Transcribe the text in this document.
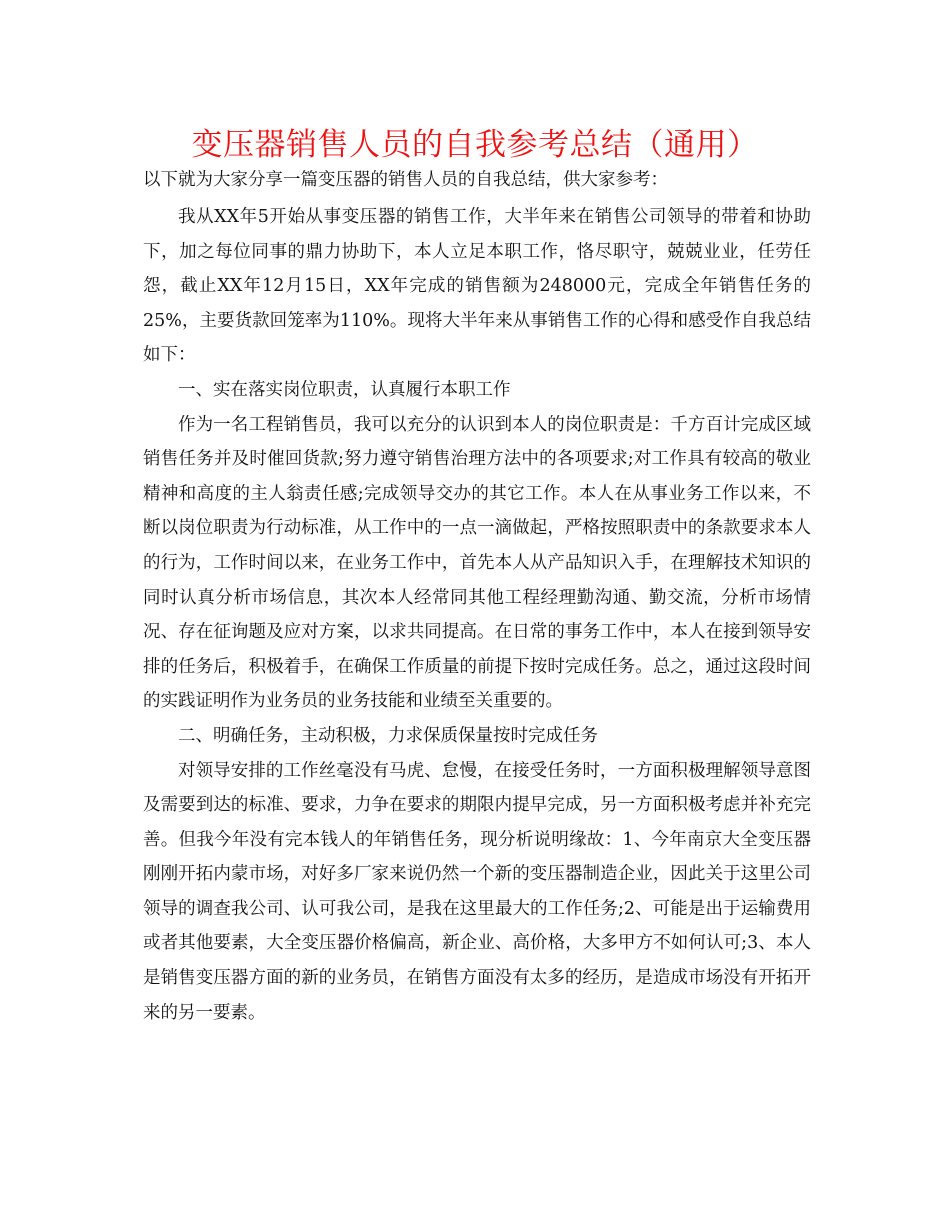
变压器销售人员的自我参考总结（通用）

以下就为大家分享一篇变压器的销售人员的自我总结，供大家参考：

我从XX年5开始从事变压器的销售工作，大半年来在销售公司领导的带着和协助下，加之每位同事的鼎力协助下，本人立足本职工作，恪尽职守，兢兢业业，任劳任怨，截止XX年12月15日，XX年完成的销售额为248000元，完成全年销售任务的25%，主要货款回笼率为110%。现将大半年来从事销售工作的心得和感受作自我总结如下：

一、实在落实岗位职责，认真履行本职工作

作为一名工程销售员，我可以充分的认识到本人的岗位职责是：千方百计完成区域销售任务并及时催回货款;努力遵守销售治理方法中的各项要求;对工作具有较高的敬业精神和高度的主人翁责任感;完成领导交办的其它工作。本人在从事业务工作以来，不断以岗位职责为行动标准，从工作中的一点一滴做起，严格按照职责中的条款要求本人的行为，工作时间以来，在业务工作中，首先本人从产品知识入手，在理解技术知识的同时认真分析市场信息，其次本人经常同其他工程经理勤沟通、勤交流，分析市场情况、存在征询题及应对方案，以求共同提高。在日常的事务工作中，本人在接到领导安排的任务后，积极着手，在确保工作质量的前提下按时完成任务。总之，通过这段时间的实践证明作为业务员的业务技能和业绩至关重要的。

二、明确任务，主动积极，力求保质保量按时完成任务

对领导安排的工作丝毫没有马虎、怠慢，在接受任务时，一方面积极理解领导意图及需要到达的标准、要求，力争在要求的期限内提早完成，另一方面积极考虑并补充完善。但我今年没有完本钱人的年销售任务，现分析说明缘故：1、今年南京大全变压器刚刚开拓内蒙市场，对好多厂家来说仍然一个新的变压器制造企业，因此关于这里公司领导的调查我公司、认可我公司，是我在这里最大的工作任务;2、可能是出于运输费用或者其他要素，大全变压器价格偏高，新企业、高价格，大多甲方不如何认可;3、本人是销售变压器方面的新的业务员，在销售方面没有太多的经历，是造成市场没有开拓开来的另一要素。
